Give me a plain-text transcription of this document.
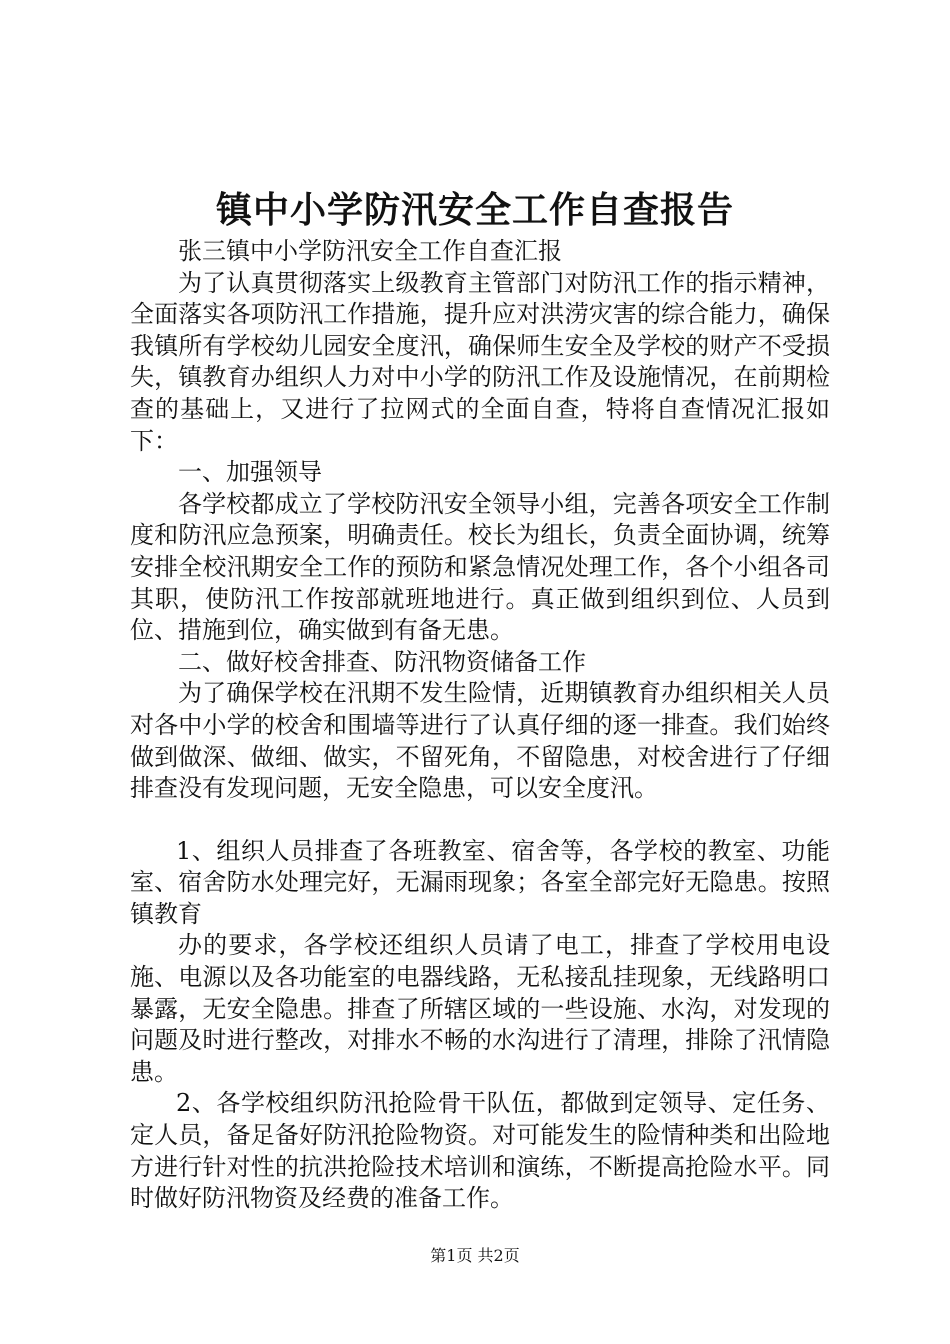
镇中小学防汛安全工作自查报告

张三镇中小学防汛安全工作自查汇报

为了认真贯彻落实上级教育主管部门对防汛工作的指示精神，全面落实各项防汛工作措施，提升应对洪涝灾害的综合能力，确保我镇所有学校幼儿园安全度汛，确保师生安全及学校的财产不受损失，镇教育办组织人力对中小学的防汛工作及设施情况，在前期检查的基础上，又进行了拉网式的全面自查，特将自查情况汇报如下：

一、加强领导

各学校都成立了学校防汛安全领导小组，完善各项安全工作制度和防汛应急预案，明确责任。校长为组长，负责全面协调，统筹安排全校汛期安全工作的预防和紧急情况处理工作，各个小组各司其职，使防汛工作按部就班地进行。真正做到组织到位、人员到位、措施到位，确实做到有备无患。

二、做好校舍排查、防汛物资储备工作

为了确保学校在汛期不发生险情，近期镇教育办组织相关人员对各中小学的校舍和围墙等进行了认真仔细的逐一排查。我们始终做到做深、做细、做实，不留死角，不留隐患，对校舍进行了仔细排查没有发现问题，无安全隐患，可以安全度汛。

1、组织人员排查了各班教室、宿舍等，各学校的教室、功能室、宿舍防水处理完好，无漏雨现象；各室全部完好无隐患。按照镇教育

办的要求，各学校还组织人员请了电工，排查了学校用电设施、电源以及各功能室的电器线路，无私接乱挂现象，无线路明口暴露，无安全隐患。排查了所辖区域的一些设施、水沟，对发现的问题及时进行整改，对排水不畅的水沟进行了清理，排除了汛情隐患。

2、各学校组织防汛抢险骨干队伍，都做到定领导、定任务、定人员，备足备好防汛抢险物资。对可能发生的险情种类和出险地方进行针对性的抗洪抢险技术培训和演练，不断提高抢险水平。同时做好防汛物资及经费的准备工作。

第1页 共2页
